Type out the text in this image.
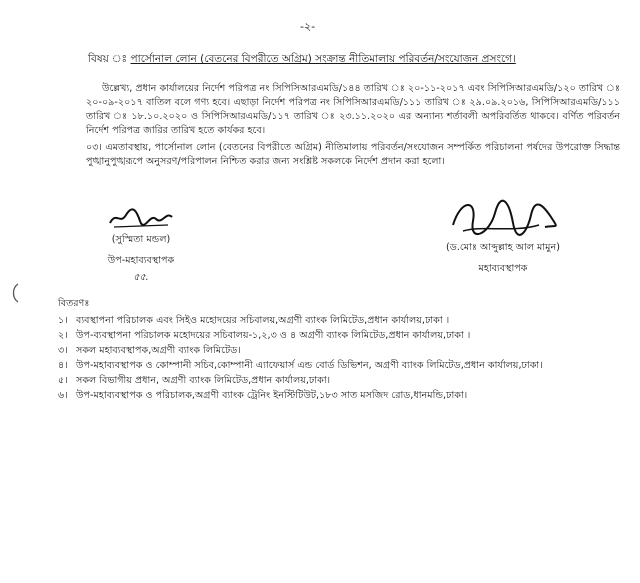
-২-
বিষয় ঃ পার্সোনাল লোন (বেতনের বিপরীতে অগ্রিম) সংক্রান্ত নীতিমালায় পরিবর্তন/সংযোজন প্রসংগে।

উল্লেখ্য, প্রধান কার্যালয়ের নির্দেশ পরিপত্র নং সিপিসিআরএমডি/১৪৪ তারিখ ঃ ২০-১১-২০১৭ এবং সিপিসিআরএমডি/১২০ তারিখ ঃ ২০-০৯-২০১৭ বাতিল বলে গণ্য হবে। এছাড়া নির্দেশ পরিপত্র নং সিপিসিআরএমডি/১১১ তারিখ ঃ ২৯.০৯.২০১৬, সিপিসিআরএমডি/১১১ তারিখ ঃ ১৮.১০.২০২০ ও সিপিসিআরএমডি/১১৭ তারিখ ঃ ২৩.১১.২০২০ এর অন্যান্য শর্তাবলী অপরিবর্তিত থাকবে। বর্ণিত পরিবর্তন নির্দেশ পরিপত্র জারির তারিখ হতে কার্যকর হবে।

০৩। এমতাবস্থায়, পার্সোনাল লোন (বেতনের বিপরীতে অগ্রিম) নীতিমালায় পরিবর্তন/সংযোজন সম্পর্কিত পরিচালনা পর্ষদের উপরোক্ত সিদ্ধান্ত পুঙ্খানুপুঙ্খরূপে অনুসরণ/পরিপালন নিশ্চিত করার জন্য সংশ্লিষ্ট সকলকে নির্দেশ প্রদান করা হলো।

(সুস্মিতা মন্ডল)
উপ-মহাব্যবস্থাপক
৫৫.
(ড.মোঃ আব্দুল্লাহ আল মামুন)
মহাব্যবস্থাপক
বিতরণঃ
১। ব্যবস্থাপনা পরিচালক এবং সিইও মহোদয়ের সচিবালয়,অগ্রণী ব্যাংক লিমিটেড,প্রধান কার্যালয়,ঢাকা ।
২। উপ-ব্যবস্থাপনা পরিচালক মহোদয়ের সচিবালয়-১,২,৩ ও ৪ অগ্রণী ব্যাংক লিমিটেড,প্রধান কার্যালয়,ঢাকা ।
৩। সকল মহাব্যবস্থাপক,অগ্রণী ব্যাংক লিমিটেড।
৪। উপ-মহাব্যবস্থাপক ও কোম্পানী সচিব,কোম্পানী এ্যাফেয়ার্স এন্ড বোর্ড ডিভিশন, অগ্রণী ব্যাংক লিমিটেড,প্রধান কার্যালয়,ঢাকা।
৫। সকল বিভাগীয় প্রধান, অগ্রণী ব্যাংক লিমিটেড,প্রধান কার্যালয়,ঢাকা।
৬। উপ-মহাব্যবস্থাপক ও পরিচালক,অগ্রণী ব্যাংক ট্রেনিং ইনস্টিটিউট,১৮৩ সাত মসজিদ রোড,ধানমন্ডি,ঢাকা।
